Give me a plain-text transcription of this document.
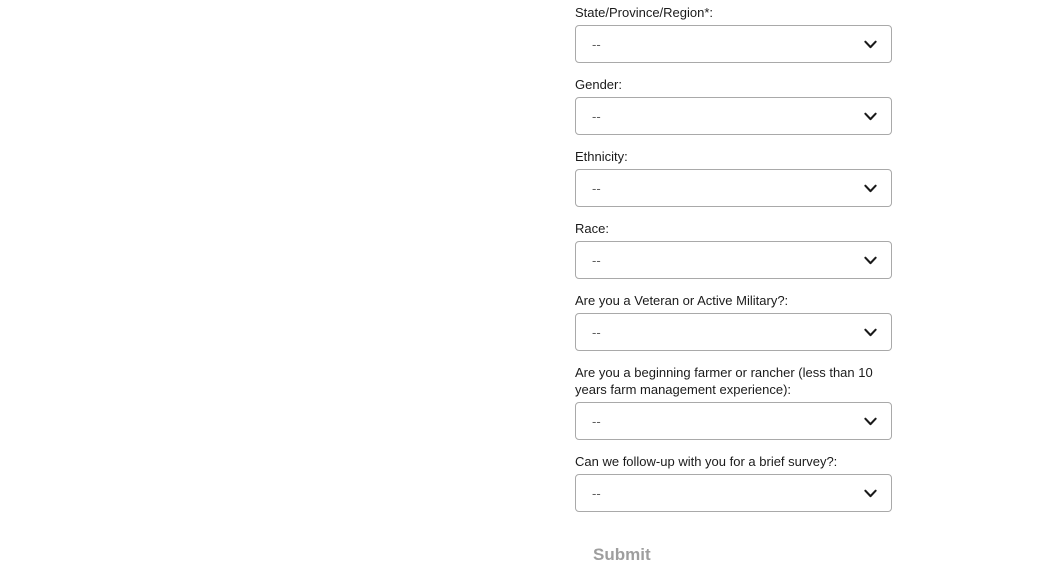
State/Province/Region*:
--
Gender:
--
Ethnicity:
--
Race:
--
Are you a Veteran or Active Military?:
--
Are you a beginning farmer or rancher (less than 10 years farm management experience):
--
Can we follow-up with you for a brief survey?:
--
Submit
